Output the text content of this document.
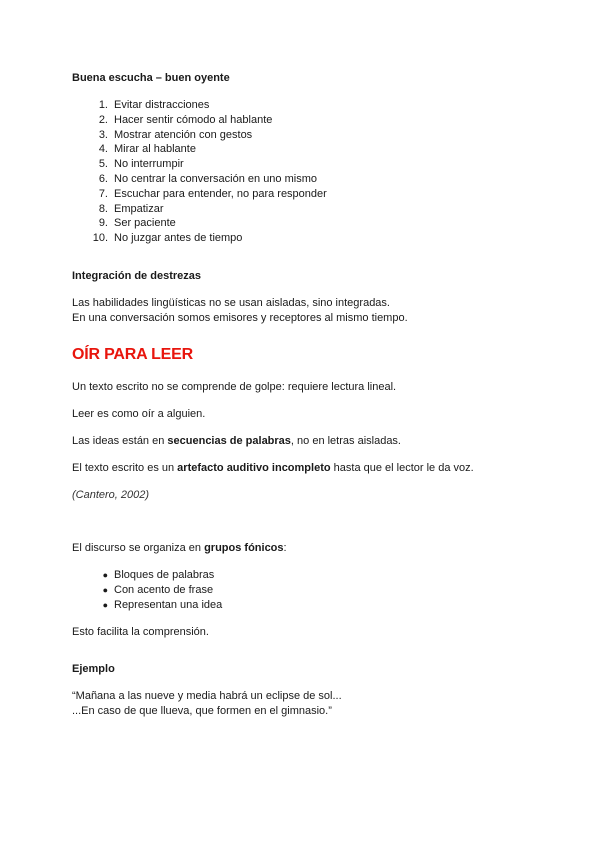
Buena escucha – buen oyente
1. Evitar distracciones
2. Hacer sentir cómodo al hablante
3. Mostrar atención con gestos
4. Mirar al hablante
5. No interrumpir
6. No centrar la conversación en uno mismo
7. Escuchar para entender, no para responder
8. Empatizar
9. Ser paciente
10. No juzgar antes de tiempo
Integración de destrezas
Las habilidades lingüísticas no se usan aisladas, sino integradas.
En una conversación somos emisores y receptores al mismo tiempo.
OÍR PARA LEER
Un texto escrito no se comprende de golpe: requiere lectura lineal.
Leer es como oír a alguien.
Las ideas están en secuencias de palabras, no en letras aisladas.
El texto escrito es un artefacto auditivo incompleto hasta que el lector le da voz.
(Cantero, 2002)
El discurso se organiza en grupos fónicos:
● Bloques de palabras
● Con acento de frase
● Representan una idea
Esto facilita la comprensión.
Ejemplo
“Mañana a las nueve y media habrá un eclipse de sol...
...En caso de que llueva, que formen en el gimnasio.”
